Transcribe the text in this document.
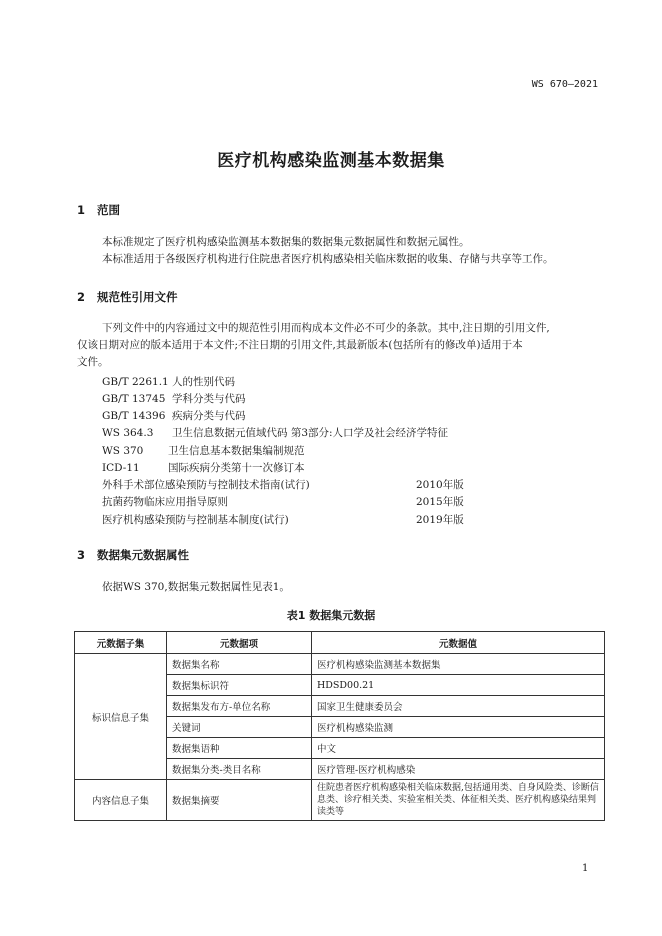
WS 670—2021
医疗机构感染监测基本数据集
1 范围
本标准规定了医疗机构感染监测基本数据集的数据集元数据属性和数据元属性。
本标准适用于各级医疗机构进行住院患者医疗机构感染相关临床数据的收集、存储与共享等工作。
2 规范性引用文件
下列文件中的内容通过文中的规范性引用而构成本文件必不可少的条款。其中,注日期的引用文件,
仅该日期对应的版本适用于本文件;不注日期的引用文件,其最新版本(包括所有的修改单)适用于本
文件。
GB/T 2261.1 人的性别代码
GB/T 13745 学科分类与代码
GB/T 14396 疾病分类与代码
WS 364.3 卫生信息数据元值域代码 第3部分:人口学及社会经济学特征
WS 370 卫生信息基本数据集编制规范
ICD-11	国际疾病分类第十一次修订本
外科手术部位感染预防与控制技术指南(试行)	2010年版
抗菌药物临床应用指导原则	2015年版
医疗机构感染预防与控制基本制度(试行)	2019年版
3 数据集元数据属性
依据WS 370,数据集元数据属性见表1。
表1 数据集元数据
元数据子集	元数据项	元数据值
标识信息子集	数据集名称	医疗机构感染监测基本数据集
	数据集标识符	HDSD00.21
	数据集发布方-单位名称	国家卫生健康委员会
	关键词	医疗机构感染监测
	数据集语种	中文
	数据集分类-类目名称	医疗管理-医疗机构感染
内容信息子集	数据集摘要	住院患者医疗机构感染相关临床数据,包括通用类、自身风险类、诊断信息类、诊疗相关类、实验室相关类、体征相关类、医疗机构感染结果判读类等
1
